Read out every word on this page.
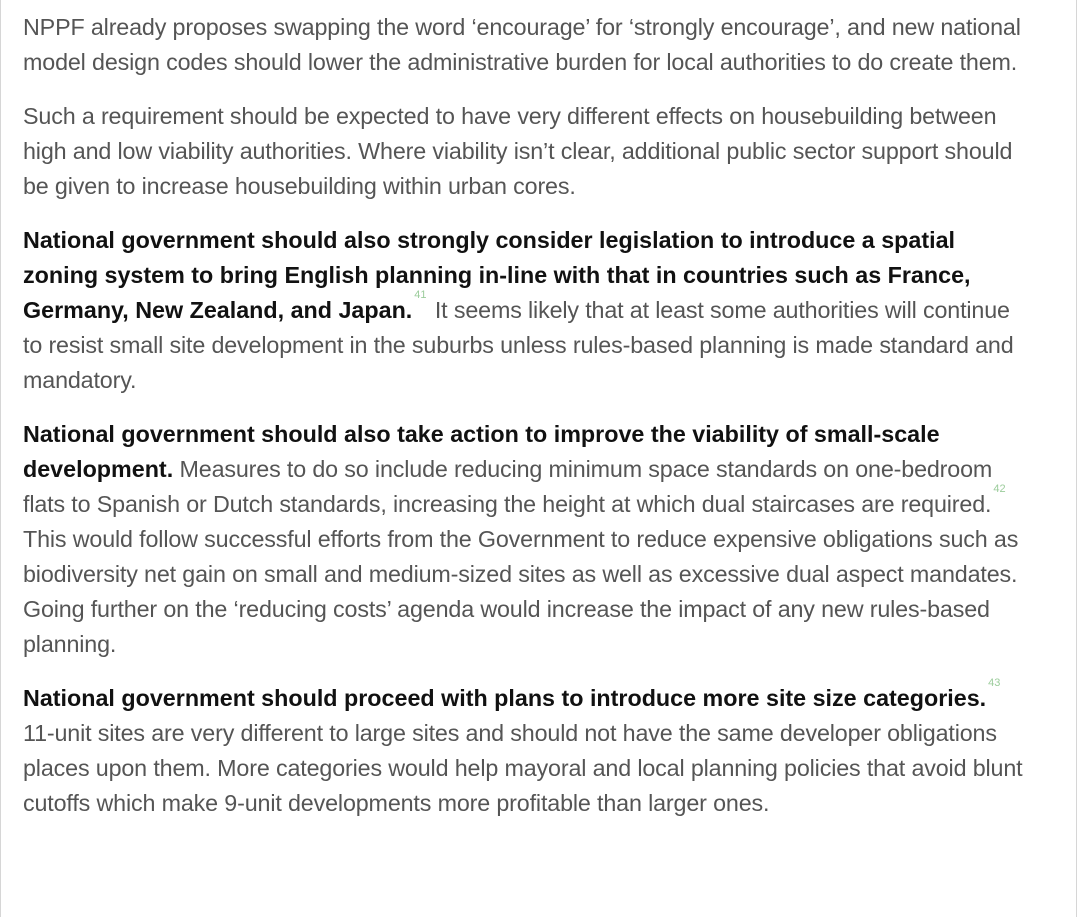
NPPF already proposes swapping the word ‘encourage’ for ‘strongly encourage’, and new national model design codes should lower the administrative burden for local authorities to do create them.

Such a requirement should be expected to have very different effects on housebuilding between high and low viability authorities. Where viability isn’t clear, additional public sector support should be given to increase housebuilding within urban cores.

National government should also strongly consider legislation to introduce a spatial zoning system to bring English planning in-line with that in countries such as France, Germany, New Zealand, and Japan.$^{41}$ It seems likely that at least some authorities will continue to resist small site development in the suburbs unless rules-based planning is made standard and mandatory.

National government should also take action to improve the viability of small-scale development. Measures to do so include reducing minimum space standards on one-bedroom flats to Spanish or Dutch standards, increasing the height at which dual staircases are required.$^{42}$ This would follow successful efforts from the Government to reduce expensive obligations such as biodiversity net gain on small and medium-sized sites as well as excessive dual aspect mandates. Going further on the ‘reducing costs’ agenda would increase the impact of any new rules-based planning.

National government should proceed with plans to introduce more site size categories.$^{43}$ 11-unit sites are very different to large sites and should not have the same developer obligations places upon them. More categories would help mayoral and local planning policies that avoid blunt cutoffs which make 9-unit developments more profitable than larger ones.
